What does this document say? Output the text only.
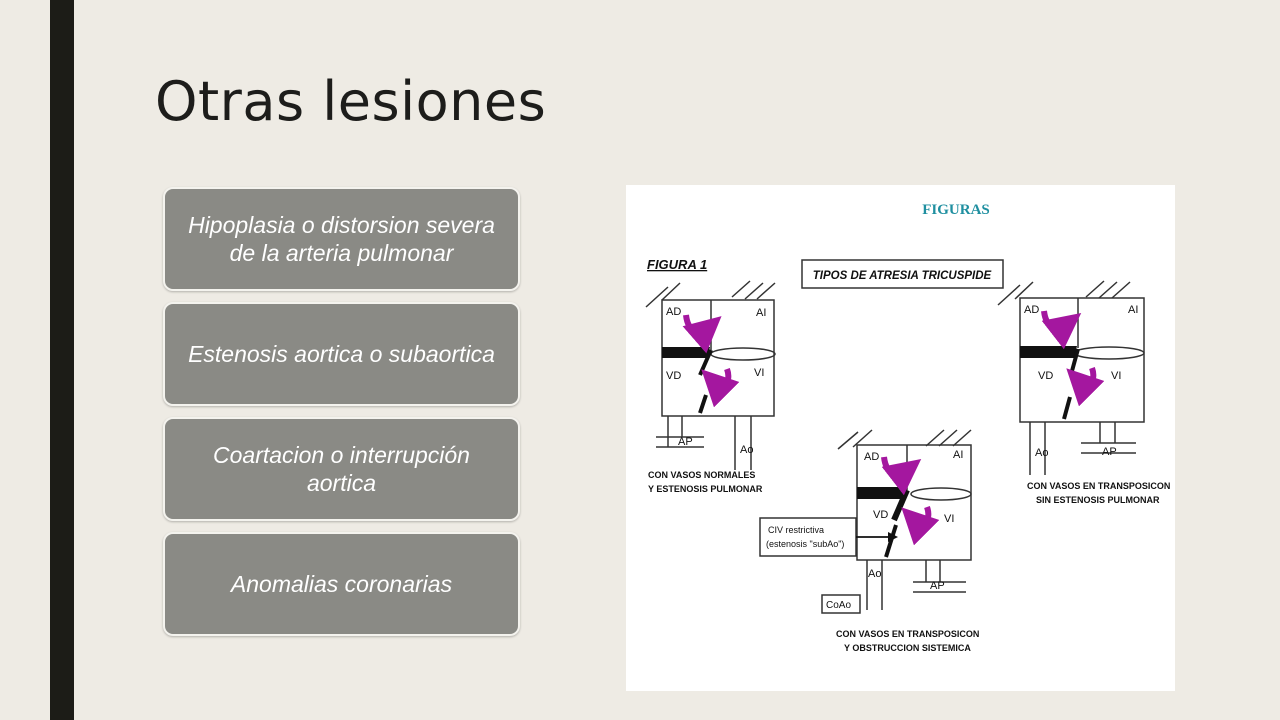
Otras lesiones
Hipoplasia o distorsion severa de la arteria pulmonar
Estenosis aortica o subaortica
Coartacion o interrupción aortica
Anomalias coronarias
FIGURAS
FIGURA 1
TIPOS DE ATRESIA TRICUSPIDE
AD	AI
VD	VI
AP
Ao
CON VASOS NORMALES
Y ESTENOSIS PULMONAR
AD	AI
VD	VI
Ao	AP
CON VASOS EN TRANSPOSICON
SIN ESTENOSIS PULMONAR
AD	AI
VD	VI
Ao
AP
CIV restrictiva
(estenosis "subAo")
CoAo
CON VASOS EN TRANSPOSICON
Y OBSTRUCCION SISTEMICA
